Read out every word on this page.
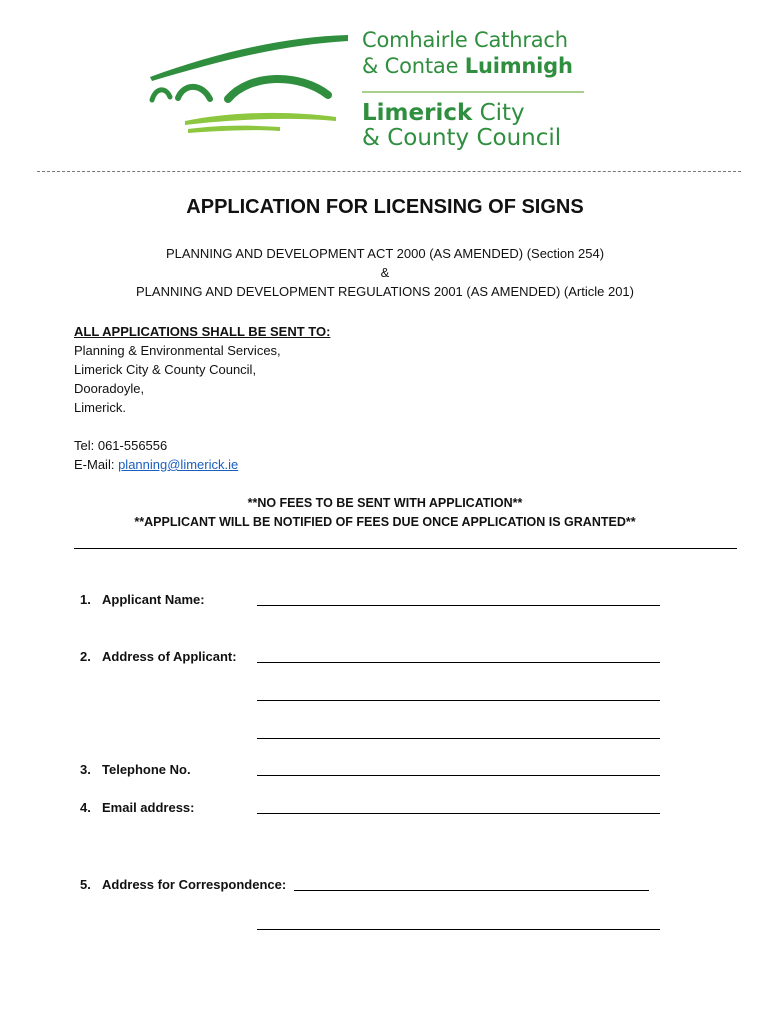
Comhairle Cathrach
& Contae Luimnigh
Limerick City
& County Council
APPLICATION FOR LICENSING OF SIGNS
PLANNING AND DEVELOPMENT ACT 2000 (AS AMENDED) (Section 254)
&
PLANNING AND DEVELOPMENT REGULATIONS 2001 (AS AMENDED) (Article 201)
ALL APPLICATIONS SHALL BE SENT TO:
Planning & Environmental Services,
Limerick City & County Council,
Dooradoyle,
Limerick.
Tel: 061-556556
E-Mail: planning@limerick.ie
**NO FEES TO BE SENT WITH APPLICATION**
**APPLICANT WILL BE NOTIFIED OF FEES DUE ONCE APPLICATION IS GRANTED**
1. Applicant Name:
2. Address of Applicant:
3. Telephone No.
4. Email address:
5. Address for Correspondence:
